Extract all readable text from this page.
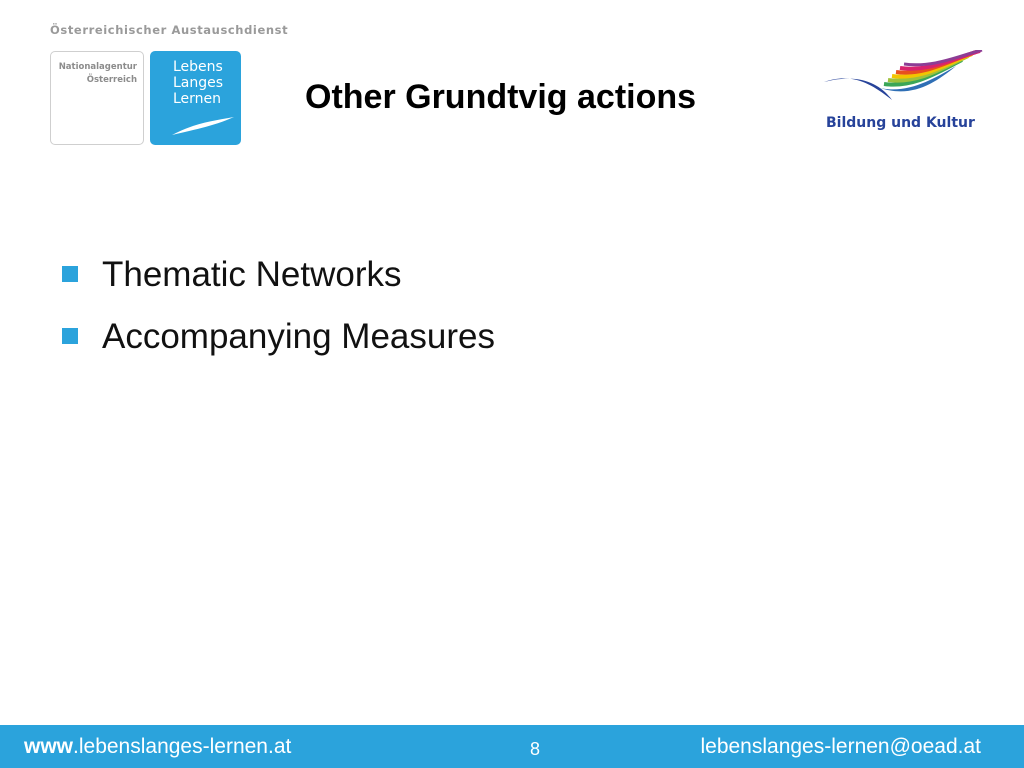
Österreichischer Austauschdienst
Nationalagentur
Österreich
Lebens
Langes
Lernen Other Grundtvig actions
Bildung und Kultur
Thematic Networks
Accompanying Measures
www.lebenslanges-lernen.at	8	lebenslanges-lernen@oead.at
